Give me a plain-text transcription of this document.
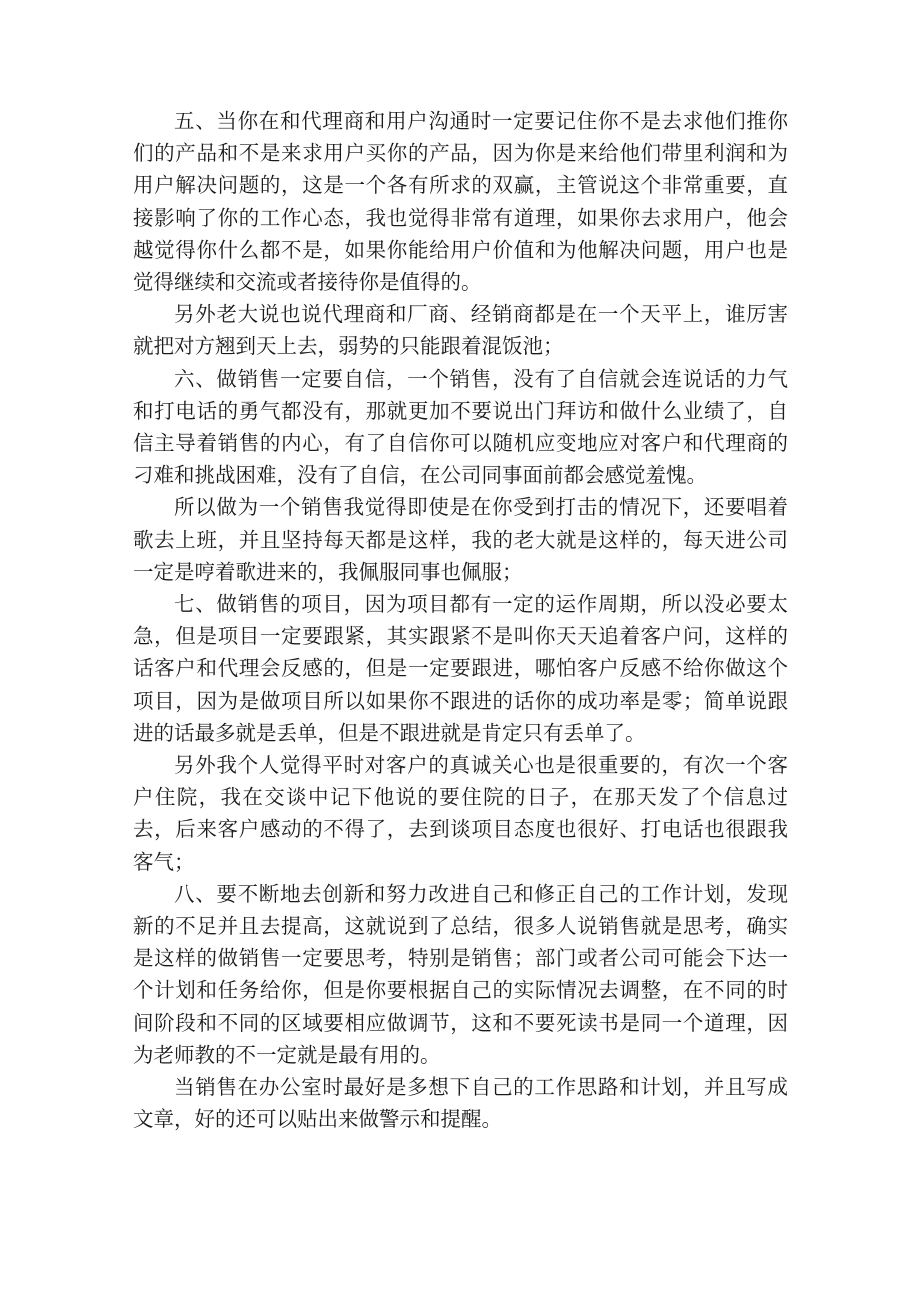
五、当你在和代理商和用户沟通时一定要记住你不是去求他们推你们的产品和不是来求用户买你的产品，因为你是来给他们带里利润和为用户解决问题的，这是一个各有所求的双赢，主管说这个非常重要，直接影响了你的工作心态，我也觉得非常有道理，如果你去求用户，他会越觉得你什么都不是，如果你能给用户价值和为他解决问题，用户也是觉得继续和交流或者接待你是值得的。

另外老大说也说代理商和厂商、经销商都是在一个天平上，谁厉害就把对方翘到天上去，弱势的只能跟着混饭池；

六、做销售一定要自信，一个销售，没有了自信就会连说话的力气和打电话的勇气都没有，那就更加不要说出门拜访和做什么业绩了，自信主导着销售的内心，有了自信你可以随机应变地应对客户和代理商的刁难和挑战困难，没有了自信，在公司同事面前都会感觉羞愧。

所以做为一个销售我觉得即使是在你受到打击的情况下，还要唱着歌去上班，并且坚持每天都是这样，我的老大就是这样的，每天进公司一定是哼着歌进来的，我佩服同事也佩服；

七、做销售的项目，因为项目都有一定的运作周期，所以没必要太急，但是项目一定要跟紧，其实跟紧不是叫你天天追着客户问，这样的话客户和代理会反感的，但是一定要跟进，哪怕客户反感不给你做这个项目，因为是做项目所以如果你不跟进的话你的成功率是零；简单说跟进的话最多就是丢单，但是不跟进就是肯定只有丢单了。

另外我个人觉得平时对客户的真诚关心也是很重要的，有次一个客户住院，我在交谈中记下他说的要住院的日子，在那天发了个信息过去，后来客户感动的不得了，去到谈项目态度也很好、打电话也很跟我客气；

八、要不断地去创新和努力改进自己和修正自己的工作计划，发现新的不足并且去提高，这就说到了总结，很多人说销售就是思考，确实是这样的做销售一定要思考，特别是销售；部门或者公司可能会下达一个计划和任务给你，但是你要根据自己的实际情况去调整，在不同的时间阶段和不同的区域要相应做调节，这和不要死读书是同一个道理，因为老师教的不一定就是最有用的。

当销售在办公室时最好是多想下自己的工作思路和计划，并且写成文章，好的还可以贴出来做警示和提醒。
